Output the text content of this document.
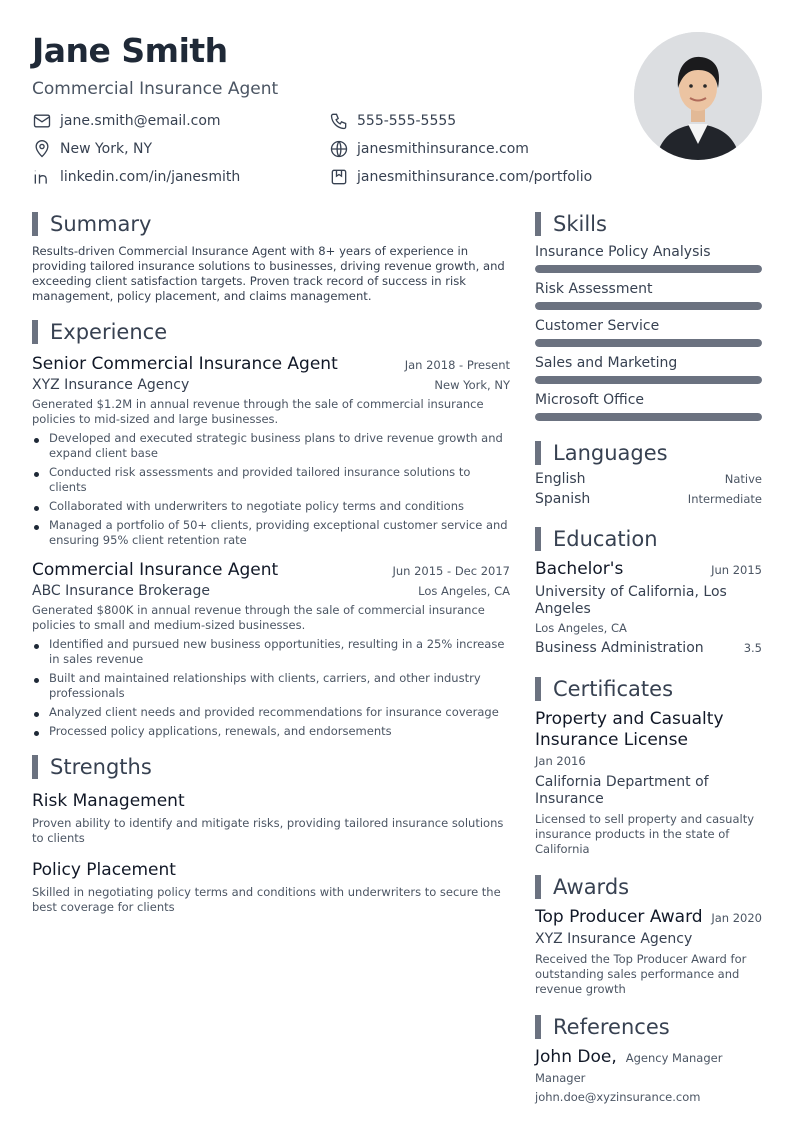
Jane Smith
Commercial Insurance Agent
jane.smith@email.com	555-555-5555
New York, NY	janesmithinsurance.com
linkedin.com/in/janesmith	janesmithinsurance.com/portfolio
Summary

Results-driven Commercial Insurance Agent with 8+ years of experience in providing tailored insurance solutions to businesses, driving revenue growth, and exceeding client satisfaction targets. Proven track record of success in risk management, policy placement, and claims management.

Experience
Senior Commercial Insurance Agent	Jan 2018 - Present
XYZ Insurance Agency	New York, NY

Generated $1.2M in annual revenue through the sale of commercial insurance policies to mid-sized and large businesses.

Developed and executed strategic business plans to drive revenue growth and expand client base
Conducted risk assessments and provided tailored insurance solutions to clients
Collaborated with underwriters to negotiate policy terms and conditions
Managed a portfolio of 50+ clients, providing exceptional customer service and ensuring 95% client retention rate
Commercial Insurance Agent	Jun 2015 - Dec 2017
ABC Insurance Brokerage	Los Angeles, CA

Generated $800K in annual revenue through the sale of commercial insurance policies to small and medium-sized businesses.

Identified and pursued new business opportunities, resulting in a 25% increase in sales revenue
Built and maintained relationships with clients, carriers, and other industry professionals
Analyzed client needs and provided recommendations for insurance coverage
Processed policy applications, renewals, and endorsements
Strengths
Risk Management

Proven ability to identify and mitigate risks, providing tailored insurance solutions to clients

Policy Placement

Skilled in negotiating policy terms and conditions with underwriters to secure the best coverage for clients

Skills
Insurance Policy Analysis
Risk Assessment
Customer Service
Sales and Marketing
Microsoft Office
Languages
English	Native
Spanish	Intermediate
Education
Bachelor's	Jun 2015
University of California, Los Angeles
Los Angeles, CA
Business Administration	3.5
Certificates
Property and Casualty Insurance License
Jan 2016
California Department of Insurance
Licensed to sell property and casualty insurance products in the state of California
Awards
Top Producer Award Jan 2020
XYZ Insurance Agency
Received the Top Producer Award for outstanding sales performance and revenue growth
References
John Doe, Agency Manager
Manager
john.doe@xyzinsurance.com
